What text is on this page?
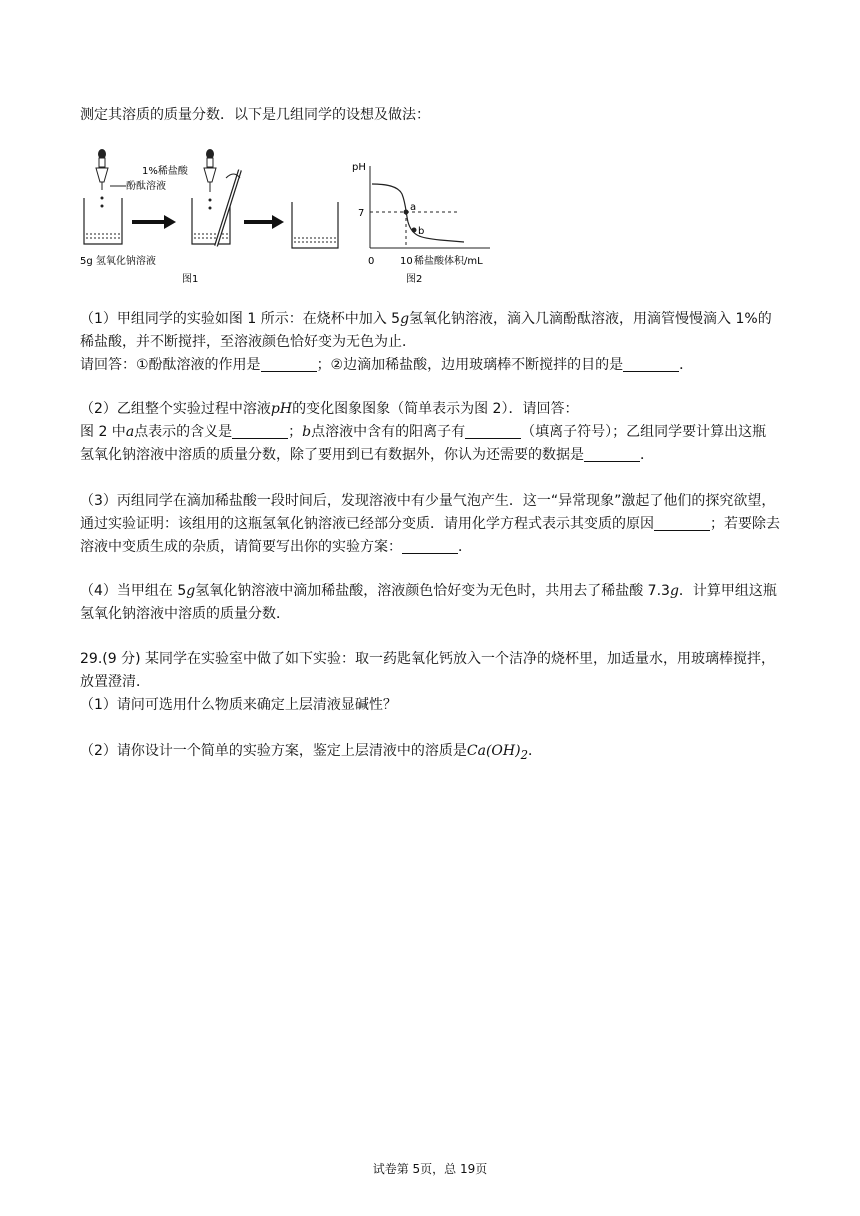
测定其溶质的质量分数．以下是几组同学的设想及做法：

酚酞溶液
1%稀盐酸
5g 氢氧化钠溶液
图1
pH
7
a
b
0	10 稀盐酸体积/mL
图2

（1）甲组同学的实验如图 1 所示：在烧杯中加入 5g氢氧化钠溶液，滴入几滴酚酞溶液，用滴管慢慢滴入 1%的稀盐酸，并不断搅拌，至溶液颜色恰好变为无色为止．

请回答：①酚酞溶液的作用是	；②边滴加稀盐酸，边用玻璃棒不断搅拌的目的是	．

（2）乙组整个实验过程中溶液pH的变化图象图象（简单表示为图 2）．请回答：

图 2 中a点表示的含义是	；b点溶液中含有的阳离子有	（填离子符号）；乙组同学要计算出这瓶氢氧化钠溶液中溶质的质量分数，除了要用到已有数据外，你认为还需要的数据是	．

（3）丙组同学在滴加稀盐酸一段时间后，发现溶液中有少量气泡产生．这一“异常现象”激起了他们的探究欲望，通过实验证明：该组用的这瓶氢氧化钠溶液已经部分变质．请用化学方程式表示其变质的原因	；若要除去溶液中变质生成的杂质，请简要写出你的实验方案：	．

（4）当甲组在 5g氢氧化钠溶液中滴加稀盐酸，溶液颜色恰好变为无色时，共用去了稀盐酸 7.3g．计算甲组这瓶氢氧化钠溶液中溶质的质量分数．

29.(9 分) 某同学在实验室中做了如下实验：取一药匙氧化钙放入一个洁净的烧杯里，加适量水，用玻璃棒搅拌，放置澄清．

（1）请问可选用什么物质来确定上层清液显碱性？

（2）请你设计一个简单的实验方案，鉴定上层清液中的溶质是$Ca(OH)_2$．

试卷第 5页，总 19页
